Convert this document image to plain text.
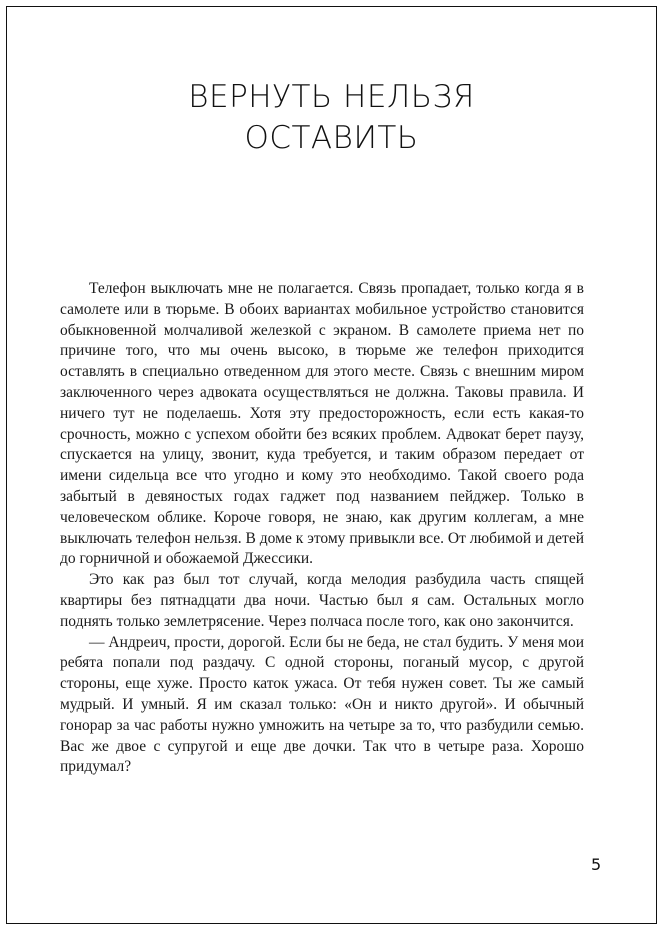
ВЕРНУТЬ НЕЛЬЗЯ
ОСТАВИТЬ

Телефон выключать мне не полагается. Связь пропадает, только когда я в самолете или в тюрьме. В обоих вариантах мобильное устройство становится обыкновенной молчаливой железкой с экраном. В самолете приема нет по причине того, что мы очень высоко, в тюрьме же телефон приходится оставлять в специально отведенном для этого месте. Связь с внешним миром заключенного через адвоката осуществляться не должна. Таковы правила. И ничего тут не поделаешь. Хотя эту предосторожность, если есть какая-то срочность, можно с успехом обойти без всяких проблем. Адвокат берет паузу, спускается на улицу, звонит, куда требуется, и таким образом передает от имени сидельца все что угодно и кому это необходимо. Такой своего рода забытый в девяностых годах гаджет под названием пейджер. Только в человеческом облике. Короче говоря, не знаю, как другим коллегам, а мне выключать телефон нельзя. В доме к этому привыкли все. От любимой и детей до горничной и обожаемой Джессики.

Это как раз был тот случай, когда мелодия разбудила часть спящей квартиры без пятнадцати два ночи. Частью был я сам. Остальных могло поднять только землетрясение. Через полчаса после того, как оно закончится.

— Андреич, прости, дорогой. Если бы не беда, не стал будить. У меня мои ребята попали под раздачу. С одной стороны, поганый мусор, с другой стороны, еще хуже. Просто каток ужаса. От тебя нужен совет. Ты же самый мудрый. И умный. Я им сказал только: «Он и никто другой». И обычный гонорар за час работы нужно умножить на четыре за то, что разбудили семью. Вас же двое с супругой и еще две дочки. Так что в четыре раза. Хорошо придумал?

5
